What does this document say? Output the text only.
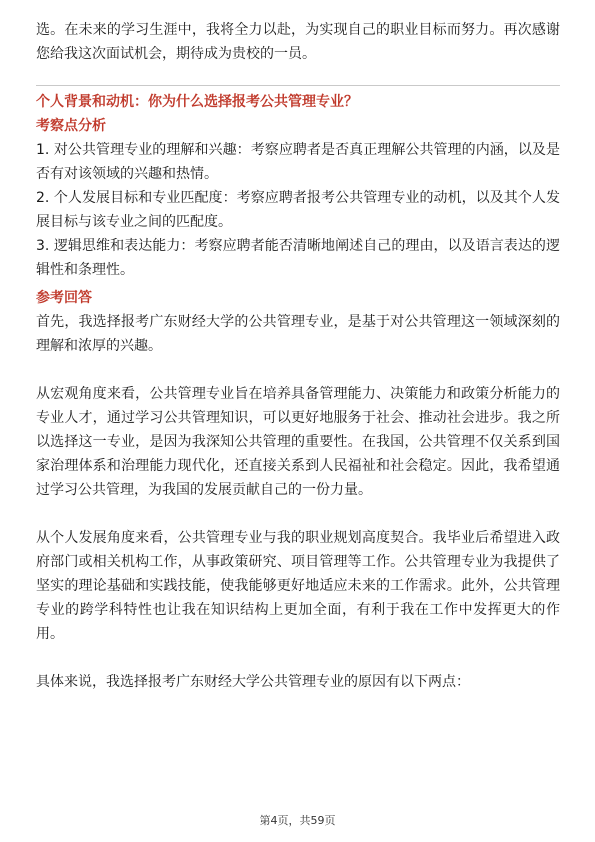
选。在未来的学习生涯中，我将全力以赴，为实现自己的职业目标而努力。再次感谢您给我这次面试机会，期待成为贵校的一员。

个人背景和动机：你为什么选择报考公共管理专业？

考察点分析

1. 对公共管理专业的理解和兴趣：考察应聘者是否真正理解公共管理的内涵，以及是否有对该领域的兴趣和热情。

2. 个人发展目标和专业匹配度：考察应聘者报考公共管理专业的动机，以及其个人发展目标与该专业之间的匹配度。

3. 逻辑思维和表达能力：考察应聘者能否清晰地阐述自己的理由，以及语言表达的逻辑性和条理性。

参考回答

首先，我选择报考广东财经大学的公共管理专业，是基于对公共管理这一领域深刻的理解和浓厚的兴趣。

从宏观角度来看，公共管理专业旨在培养具备管理能力、决策能力和政策分析能力的专业人才，通过学习公共管理知识，可以更好地服务于社会、推动社会进步。我之所以选择这一专业，是因为我深知公共管理的重要性。在我国，公共管理不仅关系到国家治理体系和治理能力现代化，还直接关系到人民福祉和社会稳定。因此，我希望通过学习公共管理，为我国的发展贡献自己的一份力量。

从个人发展角度来看，公共管理专业与我的职业规划高度契合。我毕业后希望进入政府部门或相关机构工作，从事政策研究、项目管理等工作。公共管理专业为我提供了坚实的理论基础和实践技能，使我能够更好地适应未来的工作需求。此外，公共管理专业的跨学科特性也让我在知识结构上更加全面，有利于我在工作中发挥更大的作用。

具体来说，我选择报考广东财经大学公共管理专业的原因有以下两点：

第4页，共59页
